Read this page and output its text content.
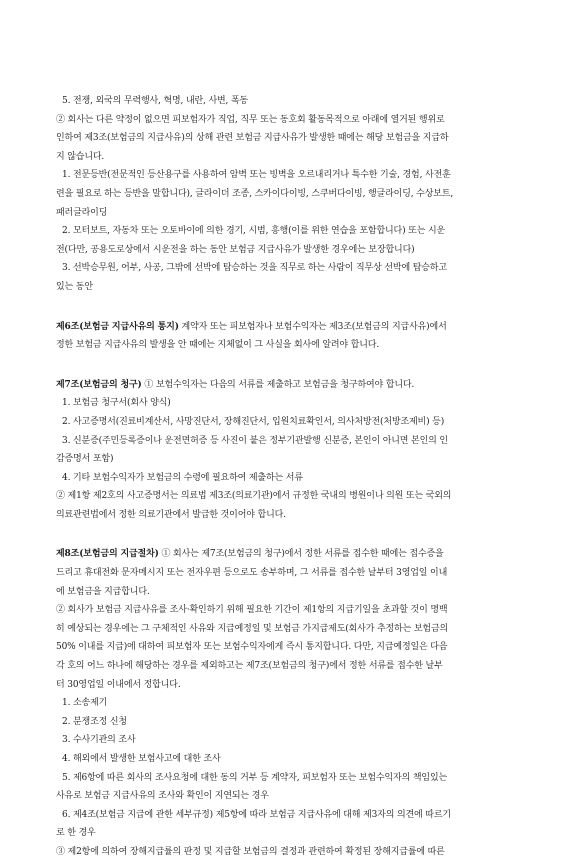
5. 전쟁, 외국의 무력행사, 혁명, 내란, 사변, 폭동
② 회사는 다른 약정이 없으면 피보험자가 직업, 직무 또는 동호회 활동목적으로 아래에 열거된 행위로
인하여 제3조(보험금의 지급사유)의 상해 관련 보험금 지급사유가 발생한 때에는 해당 보험금을 지급하
지 않습니다.
1. 전문등반(전문적인 등산용구를 사용하여 암벽 또는 빙벽을 오르내리거나 특수한 기술, 경험, 사전훈
련을 필요로 하는 등반을 말합니다), 글라이더 조종, 스카이다이빙, 스쿠버다이빙, 행글라이딩, 수상보트,
패러글라이딩
2. 모터보트, 자동차 또는 오토바이에 의한 경기, 시범, 흥행(이를 위한 연습을 포함합니다) 또는 시운
전(다만, 공용도로상에서 시운전을 하는 동안 보험금 지급사유가 발생한 경우에는 보장합니다)
3. 선박승무원, 어부, 사공, 그밖에 선박에 탑승하는 것을 직무로 하는 사람이 직무상 선박에 탑승하고
있는 동안
제6조(보험금 지급사유의 통지) 계약자 또는 피보험자나 보험수익자는 제3조(보험금의 지급사유)에서
정한 보험금 지급사유의 발생을 안 때에는 지체없이 그 사실을 회사에 알려야 합니다.
제7조(보험금의 청구) ① 보험수익자는 다음의 서류를 제출하고 보험금을 청구하여야 합니다.
1. 보험금 청구서(회사 양식)
2. 사고증명서(진료비계산서, 사망진단서, 장해진단서, 입원치료확인서, 의사처방전(처방조제비) 등)
3. 신분증(주민등록증이나 운전면허증 등 사진이 붙은 정부기관발행 신분증, 본인이 아니면 본인의 인
감증명서 포함)
4. 기타 보험수익자가 보험금의 수령에 필요하여 제출하는 서류
② 제1항 제2호의 사고증명서는 의료법 제3조(의료기관)에서 규정한 국내의 병원이나 의원 또는 국외의
의료관련법에서 정한 의료기관에서 발급한 것이어야 합니다.
제8조(보험금의 지급절차) ① 회사는 제7조(보험금의 청구)에서 정한 서류를 접수한 때에는 접수증을
드리고 휴대전화 문자메시지 또는 전자우편 등으로도 송부하며, 그 서류를 접수한 날부터 3영업일 이내
에 보험금을 지급합니다.
② 회사가 보험금 지급사유를 조사·확인하기 위해 필요한 기간이 제1항의 지급기일을 초과할 것이 명백
히 예상되는 경우에는 그 구체적인 사유와 지급예정일 및 보험금 가지급제도(회사가 추정하는 보험금의
50% 이내를 지급)에 대하여 피보험자 또는 보험수익자에게 즉시 통지합니다. 다만, 지급예정일은 다음
각 호의 어느 하나에 해당하는 경우를 제외하고는 제7조(보험금의 청구)에서 정한 서류를 접수한 날부
터 30영업일 이내에서 정합니다.
1. 소송제기
2. 분쟁조정 신청
3. 수사기관의 조사
4. 해외에서 발생한 보험사고에 대한 조사
5. 제6항에 따른 회사의 조사요청에 대한 동의 거부 등 계약자, 피보험자 또는 보험수익자의 책임있는
사유로 보험금 지급사유의 조사와 확인이 지연되는 경우
6. 제4조(보험금 지급에 관한 세부규정) 제5항에 따라 보험금 지급사유에 대해 제3자의 의견에 따르기
로 한 경우
③ 제2항에 의하여 장해지급률의 판정 및 지급할 보험금의 결정과 관련하여 확정된 장해지급률에 따른
